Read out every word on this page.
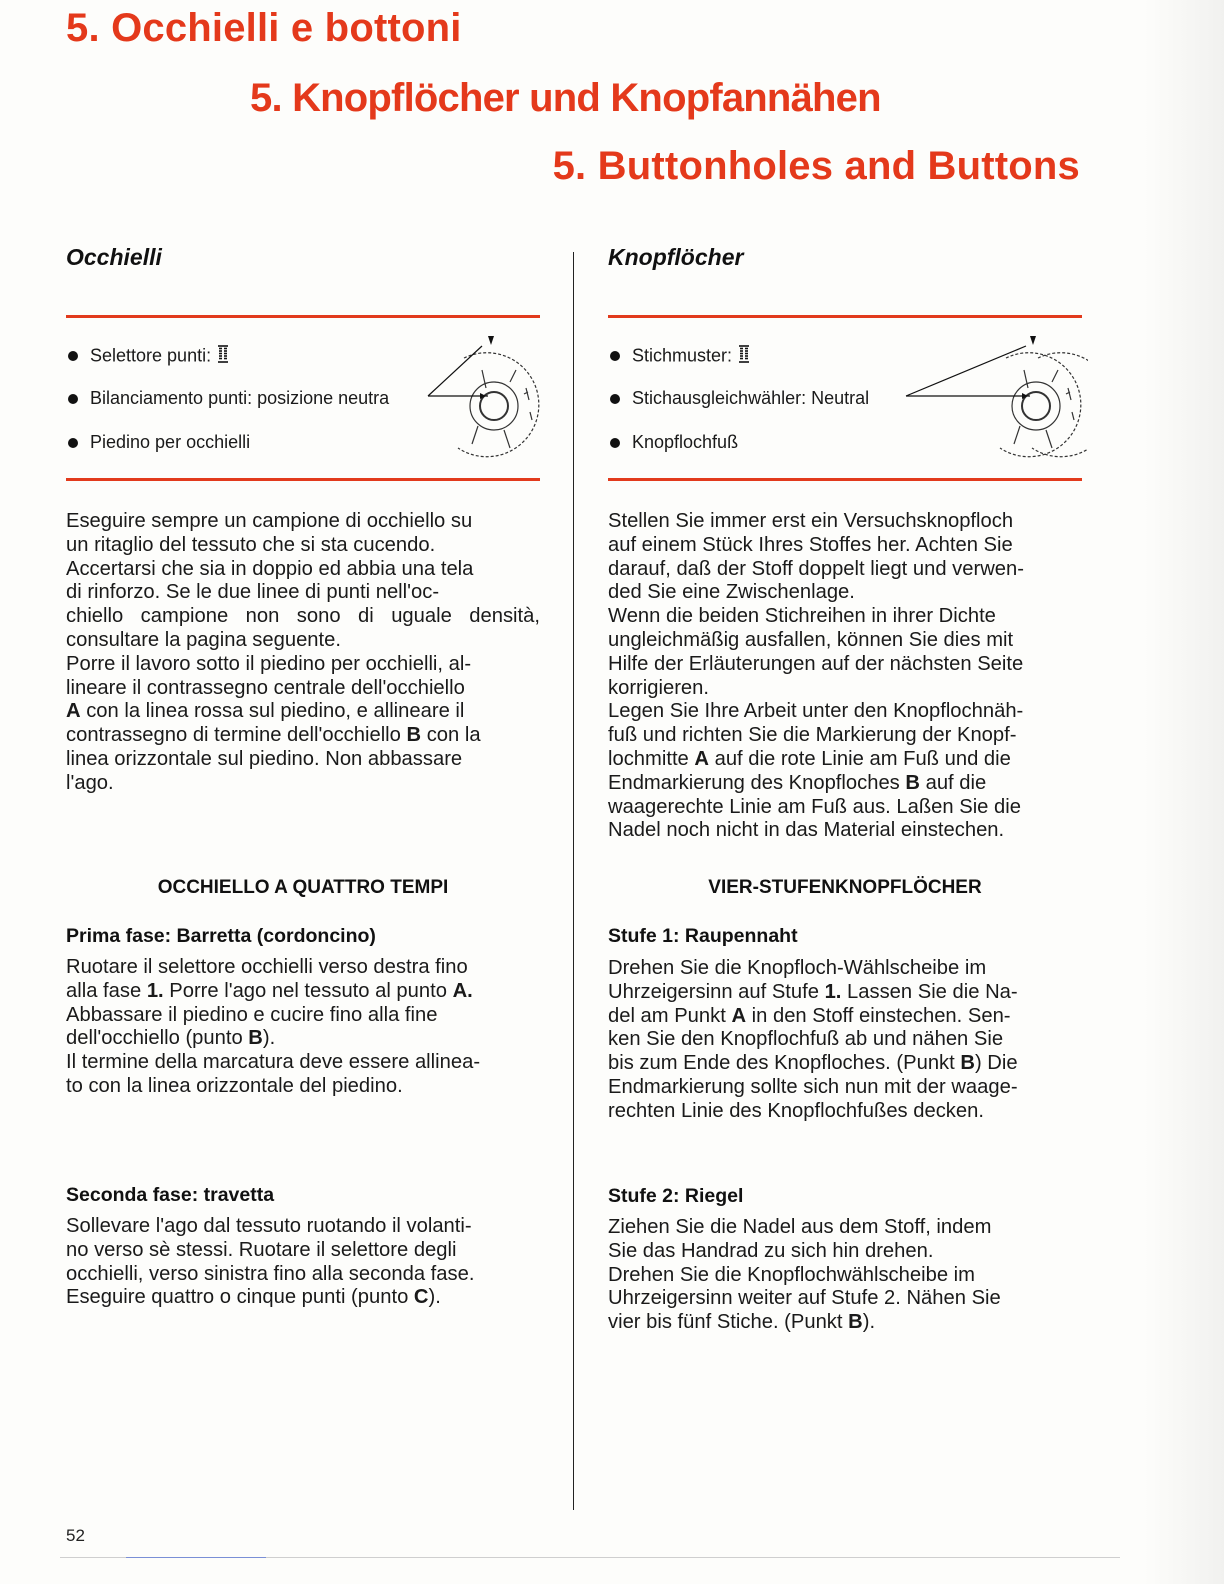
5. Occhielli e bottoni
5. Knopflöcher und Knopfannähen
5. Buttonholes and Buttons
Occhielli
Selettore punti:
Bilanciamento punti: posizione neutra
Piedino per occhielli

Eseguire sempre un campione di occhiello su
un ritaglio del tessuto che si sta cucendo.
Accertarsi che sia in doppio ed abbia una tela
di rinforzo. Se le due linee di punti nell'oc-
chiello campione non sono di uguale densità,
consultare la pagina seguente.
Porre il lavoro sotto il piedino per occhielli, al-
lineare il contrassegno centrale dell'occhiello
A con la linea rossa sul piedino, e allineare il
contrassegno di termine dell'occhiello B con la
linea orizzontale sul piedino. Non abbassare
l'ago.

OCCHIELLO A QUATTRO TEMPI
Prima fase: Barretta (cordoncino)

Ruotare il selettore occhielli verso destra fino
alla fase 1. Porre l'ago nel tessuto al punto A.
Abbassare il piedino e cucire fino alla fine
dell'occhiello (punto B).
Il termine della marcatura deve essere allinea-
to con la linea orizzontale del piedino.

Seconda fase: travetta

Sollevare l'ago dal tessuto ruotando il volanti-
no verso sè stessi. Ruotare il selettore degli
occhielli, verso sinistra fino alla seconda fase.
Eseguire quattro o cinque punti (punto C).

Knopflöcher
Stichmuster:
Stichausgleichwähler: Neutral
Knopflochfuß

Stellen Sie immer erst ein Versuchsknopfloch
auf einem Stück Ihres Stoffes her. Achten Sie
darauf, daß der Stoff doppelt liegt und verwen-
ded Sie eine Zwischenlage.
Wenn die beiden Stichreihen in ihrer Dichte
ungleichmäßig ausfallen, können Sie dies mit
Hilfe der Erläuterungen auf der nächsten Seite
korrigieren.
Legen Sie Ihre Arbeit unter den Knopflochnäh-
fuß und richten Sie die Markierung der Knopf-
lochmitte A auf die rote Linie am Fuß und die
Endmarkierung des Knopfloches B auf die
waagerechte Linie am Fuß aus. Laßen Sie die
Nadel noch nicht in das Material einstechen.

VIER-STUFENKNOPFLÖCHER
Stufe 1: Raupennaht

Drehen Sie die Knopfloch-Wählscheibe im
Uhrzeigersinn auf Stufe 1. Lassen Sie die Na-
del am Punkt A in den Stoff einstechen. Sen-
ken Sie den Knopflochfuß ab und nähen Sie
bis zum Ende des Knopfloches. (Punkt B) Die
Endmarkierung sollte sich nun mit der waage-
rechten Linie des Knopflochfußes decken.

Stufe 2: Riegel

Ziehen Sie die Nadel aus dem Stoff, indem
Sie das Handrad zu sich hin drehen.
Drehen Sie die Knopflochwählscheibe im
Uhrzeigersinn weiter auf Stufe 2. Nähen Sie
vier bis fünf Stiche. (Punkt B).

52
